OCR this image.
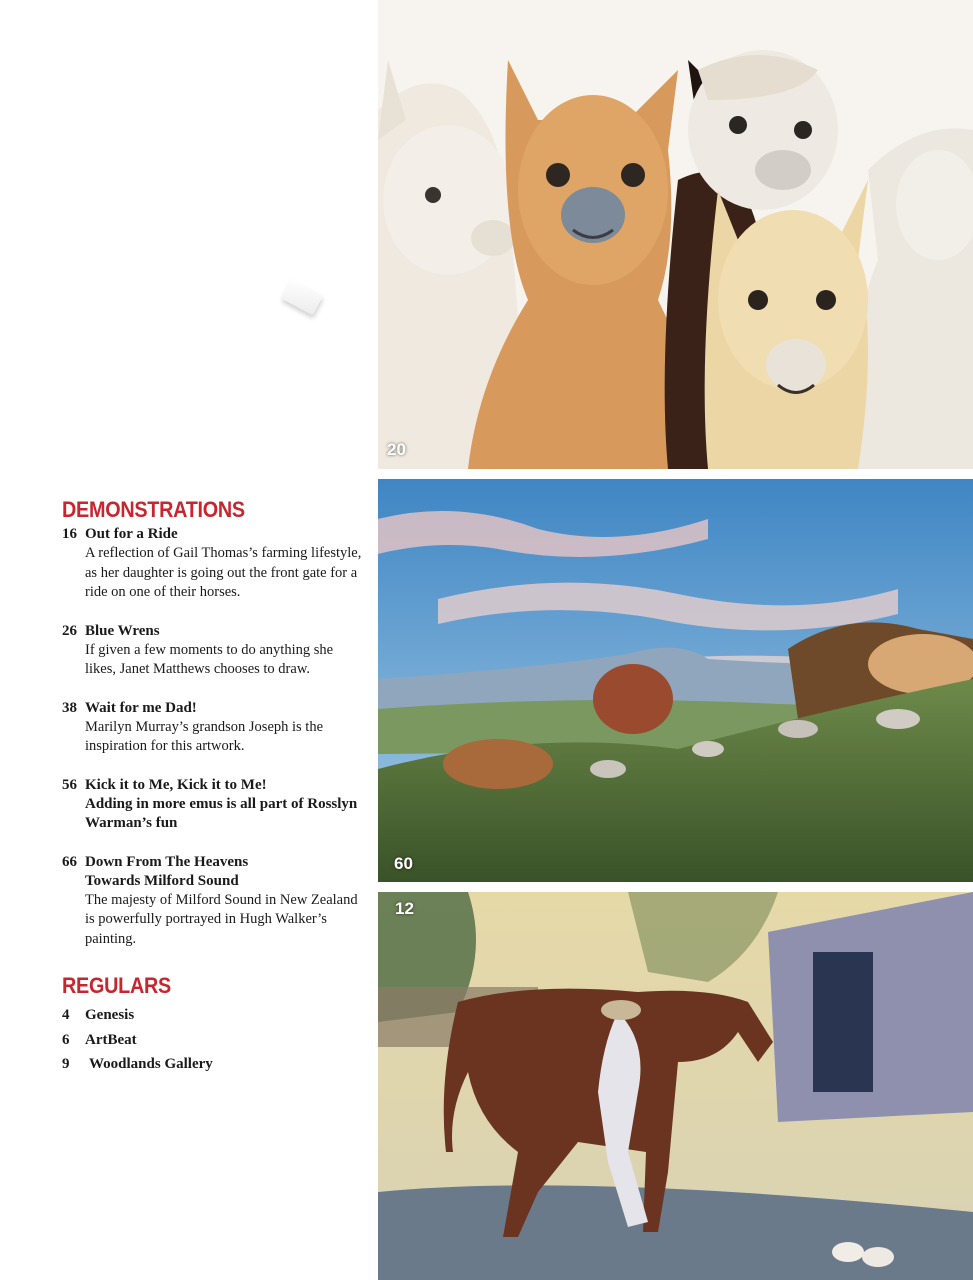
DEMONSTRATIONS
16 Out for a Ride
A reflection of Gail Thomas’s farming lifestyle, as her daughter is going out the front gate for a ride on one of their horses.
26 Blue Wrens
If given a few moments to do anything she likes, Janet Matthews chooses to draw.
38 Wait for me Dad!
Marilyn Murray’s grandson Joseph is the inspiration for this artwork.
56 Kick it to Me, Kick it to Me!
Adding in more emus is all part of Rosslyn Warman’s fun
66 Down From The Heavens Towards Milford Sound
The majesty of Milford Sound in New Zealand is powerfully portrayed in Hugh Walker’s painting.
REGULARS
4	Genesis
6	ArtBeat
9	Woodlands Gallery
20
60
12
